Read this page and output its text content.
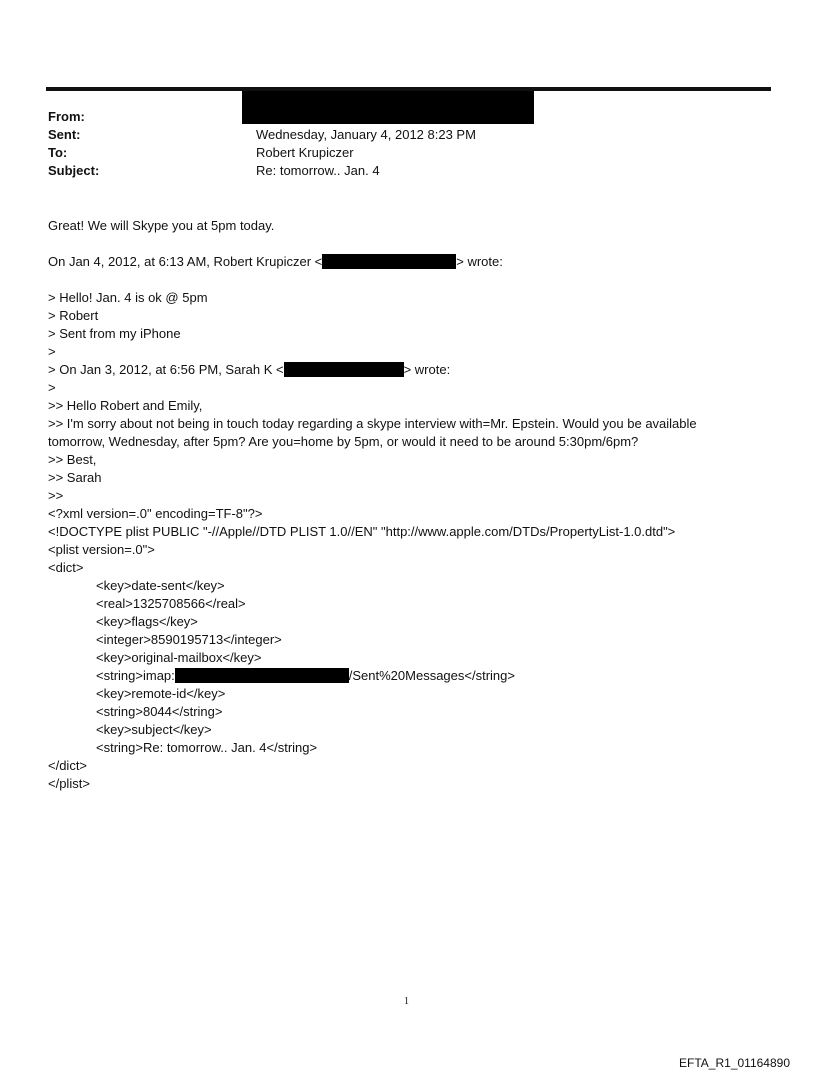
From:
Sent:	Wednesday, January 4, 2012 8:23 PM
To:	Robert Krupiczer
Subject:	Re: tomorrow.. Jan. 4
Great! We will Skype you at 5pm today.
On Jan 4, 2012, at 6:13 AM, Robert Krupiczer <	> wrote:
> Hello! Jan. 4 is ok @ 5pm
> Robert
> Sent from my iPhone
>
> On Jan 3, 2012, at 6:56 PM, Sarah K <	> wrote:
>
>> Hello Robert and Emily,
>> I'm sorry about not being in touch today regarding a skype interview with=Mr. Epstein. Would you be available
tomorrow, Wednesday, after 5pm? Are you=home by 5pm, or would it need to be around 5:30pm/6pm?
>> Best,
>> Sarah
>>
<?xml version=.0" encoding=TF-8"?>
<!DOCTYPE plist PUBLIC "-//Apple//DTD PLIST 1.0//EN" "http://www.apple.com/DTDs/PropertyList-1.0.dtd">
<plist version=.0">
<dict>
<key>date-sent</key>
<real>1325708566</real>
<key>flags</key>
<integer>8590195713</integer>
<key>original-mailbox</key>
<string>imap:	/Sent%20Messages</string>
<key>remote-id</key>
<string>8044</string>
<key>subject</key>
<string>Re: tomorrow.. Jan. 4</string>
</dict>
</plist>
1
EFTA_R1_01164890
